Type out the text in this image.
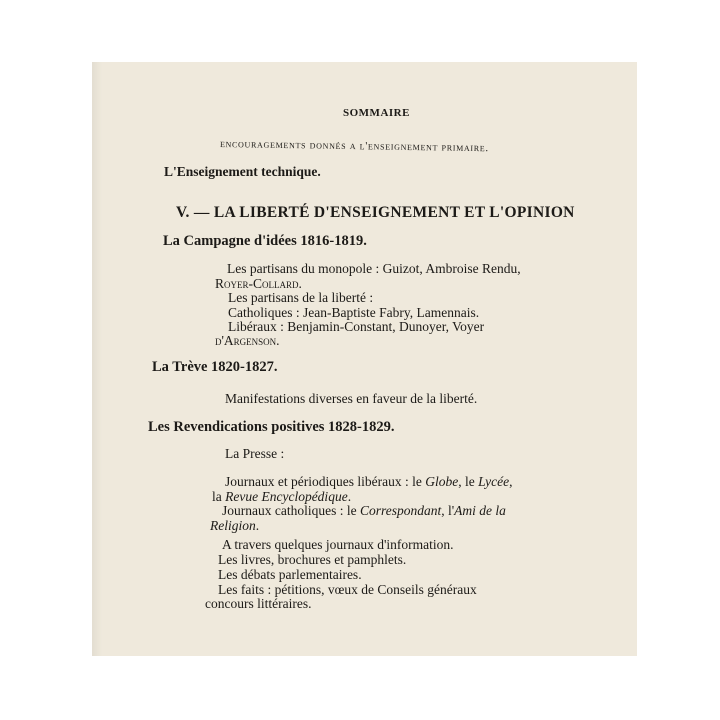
SOMMAIRE
encouragements donnés a l'enseignement primaire.
L'Enseignement technique.
V. — LA LIBERTÉ D'ENSEIGNEMENT ET L'OPINION
La Campagne d'idées 1816-1819.
Les partisans du monopole : Guizot, Ambroise Rendu,
Royer-Collard.
Les partisans de la liberté :
Catholiques : Jean-Baptiste Fabry, Lamennais.
Libéraux : Benjamin-Constant, Dunoyer, Voyer
d'Argenson.
La Trève 1820-1827.
Manifestations diverses en faveur de la liberté.
Les Revendications positives 1828-1829.
La Presse :
Journaux et périodiques libéraux : le Globe, le Lycée,
la Revue Encyclopédique.
Journaux catholiques : le Correspondant, l'Ami de la
Religion.
A travers quelques journaux d'information.
Les livres, brochures et pamphlets.
Les débats parlementaires.
Les faits : pétitions, vœux de Conseils généraux
concours littéraires.
